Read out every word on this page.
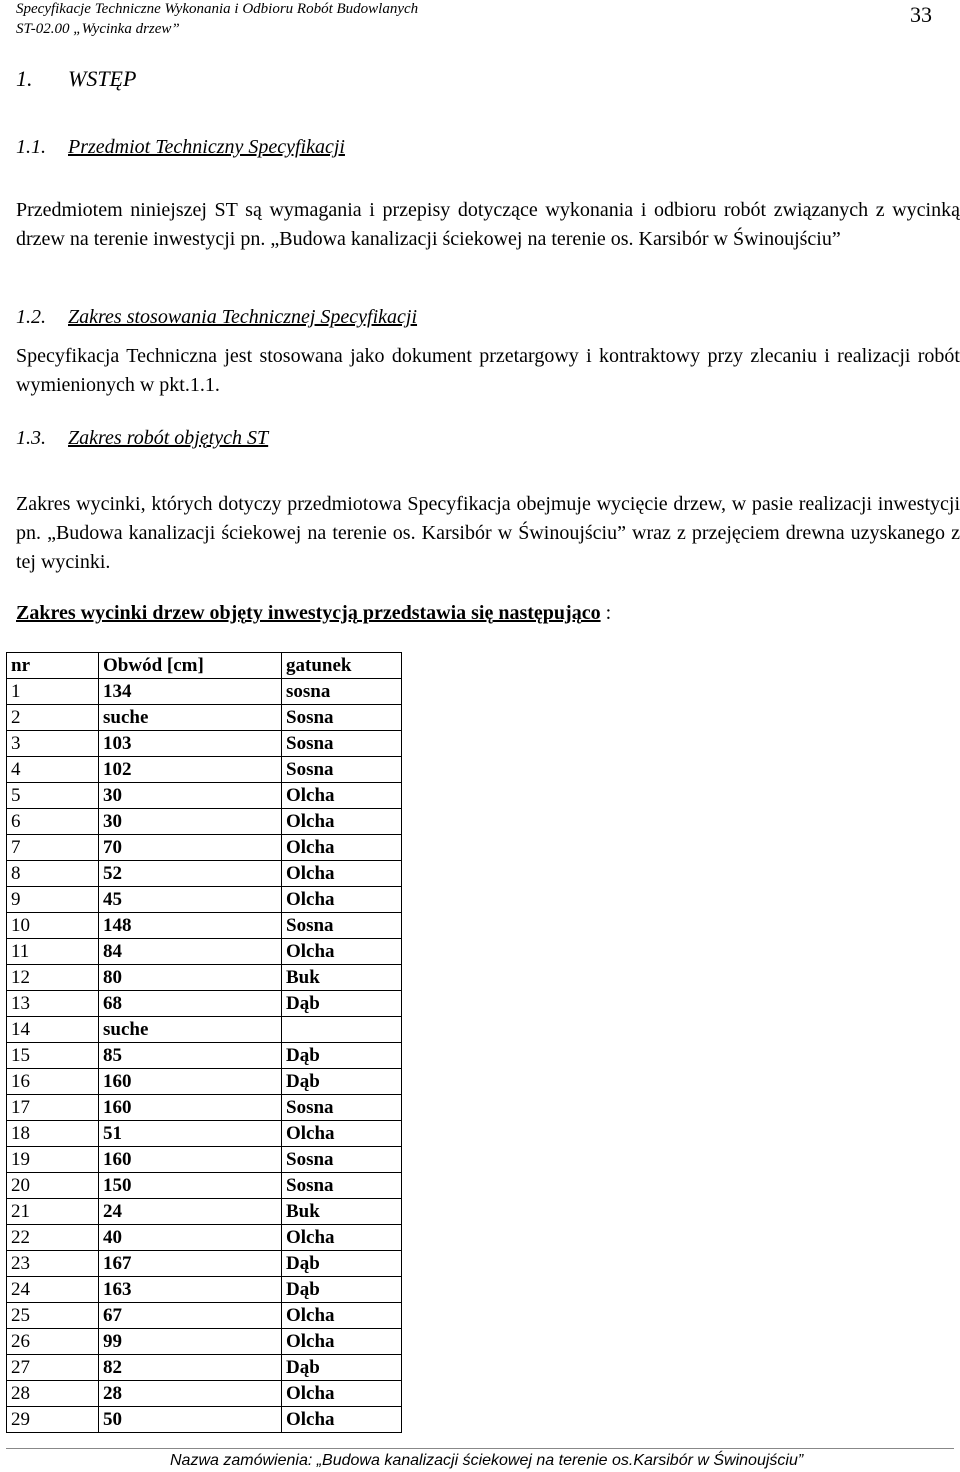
Specyfikacje Techniczne Wykonania i Odbioru Robót Budowlanych
ST-02.00 „Wycinka drzew”
33
1. WSTĘP
1.1. Przedmiot Techniczny Specyfikacji

Przedmiotem niniejszej ST są wymagania i przepisy dotyczące wykonania i odbioru robót związanych z wycinką drzew na terenie inwestycji pn. „Budowa kanalizacji ściekowej na terenie os. Karsibór w Świnoujściu”

1.2. Zakres stosowania Technicznej Specyfikacji

Specyfikacja Techniczna jest stosowana jako dokument przetargowy i kontraktowy przy zlecaniu i realizacji robót wymienionych w pkt.1.1.

1.3. Zakres robót objętych ST

Zakres wycinki, których dotyczy przedmiotowa Specyfikacja obejmuje wycięcie drzew, w pasie realizacji inwestycji pn. „Budowa kanalizacji ściekowej na terenie os. Karsibór w Świnoujściu” wraz z przejęciem drewna uzyskanego z tej wycinki.

Zakres wycinki drzew objęty inwestycją przedstawia się następująco :
nr	Obwód [cm]	gatunek
1	134	sosna
2	suche	Sosna
3	103	Sosna
4	102	Sosna
5	30	Olcha
6	30	Olcha
7	70	Olcha
8	52	Olcha
9	45	Olcha
10	148	Sosna
11	84	Olcha
12	80	Buk
13	68	Dąb
14	suche	
15	85	Dąb
16	160	Dąb
17	160	Sosna
18	51	Olcha
19	160	Sosna
20	150	Sosna
21	24	Buk
22	40	Olcha
23	167	Dąb
24	163	Dąb
25	67	Olcha
26	99	Olcha
27	82	Dąb
28	28	Olcha
29	50	Olcha
Nazwa zamówienia: „Budowa kanalizacji ściekowej na terenie os.Karsibór w Świnoujściu”
